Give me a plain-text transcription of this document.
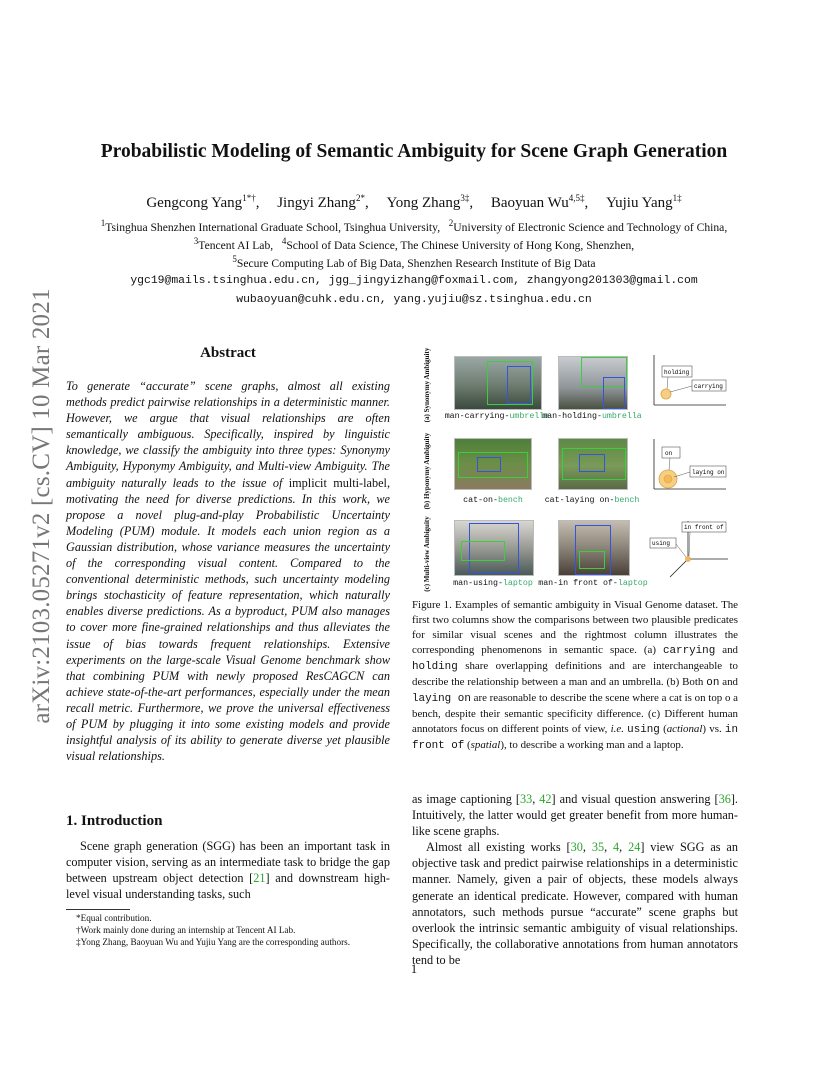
arXiv:2103.05271v2 [cs.CV] 10 Mar 2021
Probabilistic Modeling of Semantic Ambiguity for Scene Graph Generation
Gengcong Yang$^{1*\dagger}$, Jingyi Zhang$^{2*}$, Yong Zhang$^{3\ddagger}$, Baoyuan $Wu^{4,5\ddagger}$, Yujiu Yang$^{1\ddagger}$
$^1$Tsinghua Shenzhen International Graduate School, Tsinghua University, $^2$University of Electronic Science and Technology of China,
$^3$Tencent AI Lab, $^4$School of Data Science, The Chinese University of Hong Kong, Shenzhen,
$^5$Secure Computing Lab of Big Data, Shenzhen Research Institute of Big Data
ygc19@mails.tsinghua.edu.cn, jgg_jingyizhang@foxmail.com, zhangyong201303@gmail.com
wubaoyuan@cuhk.edu.cn, yang.yujiu@sz.tsinghua.edu.cn
Abstract
To generate “accurate” scene graphs, almost all existing methods predict pairwise relationships in a deterministic manner. However, we argue that visual relationships are often semantically ambiguous. Specifically, inspired by linguistic knowledge, we classify the ambiguity into three types: Synonymy Ambiguity, Hyponymy Ambiguity, and Multi-view Ambiguity. The ambiguity naturally leads to the issue of implicit multi-label, motivating the need for diverse predictions. In this work, we propose a novel plug-and-play Probabilistic Uncertainty Modeling (PUM) module. It models each union region as a Gaussian distribution, whose variance measures the uncertainty of the corresponding visual content. Compared to the conventional deterministic methods, such uncertainty modeling brings stochasticity of feature representation, which naturally enables diverse predictions. As a byproduct, PUM also manages to cover more fine-grained relationships and thus alleviates the issue of bias towards frequent relationships. Extensive experiments on the large-scale Visual Genome benchmark show that combining PUM with newly proposed ResCAGCN can achieve state-of-the-art performances, especially under the mean recall metric. Furthermore, we prove the universal effectiveness of PUM by plugging it into some existing models and provide insightful analysis of its ability to generate diverse yet plausible visual relationships.
1. Introduction

Scene graph generation (SGG) has been an important task in computer vision, serving as an intermediate task to bridge the gap between upstream object detection [21] and downstream high-level visual understanding tasks, such

*Equal contribution.
†Work mainly done during an internship at Tencent AI Lab.
‡Yong Zhang, Baoyuan Wu and Yujiu Yang are the corresponding authors.
(a) Synonymy Ambiguity
(b) Hyponymy Ambiguity
(c) Multi-view Ambiguity
man-carrying-umbrella
man-holding-umbrella
holding
carrying
cat-on-bench	cat-laying on-bench
on
laying on
man-using-laptop man-in front of-laptop
in front of
using
Figure 1. Examples of semantic ambiguity in Visual Genome dataset. The first two columns show the comparisons between two plausible predicates for similar visual scenes and the rightmost column illustrates the corresponding phenomenons in semantic space. (a) carrying and holding share overlapping definitions and are interchangeable to describe the relationship between a man and an umbrella. (b) Both on and laying on are reasonable to describe the scene where a cat is on top o a bench, despite their semantic specificity difference. (c) Different human annotators focus on different points of view, i.e. using (actional) vs. in front of (spatial), to describe a working man and a laptop.

as image captioning [33, 42] and visual question answering [36]. Intuitively, the latter would get greater benefit from more human-like scene graphs.

Almost all existing works [30, 35, 4, 24] view SGG as an objective task and predict pairwise relationships in a deterministic manner. Namely, given a pair of objects, these models always generate an identical predicate. However, compared with human annotators, such methods pursue “accurate” scene graphs but overlook the intrinsic semantic ambiguity of visual relationships. Specifically, the collaborative annotations from human annotators tend to be

1
